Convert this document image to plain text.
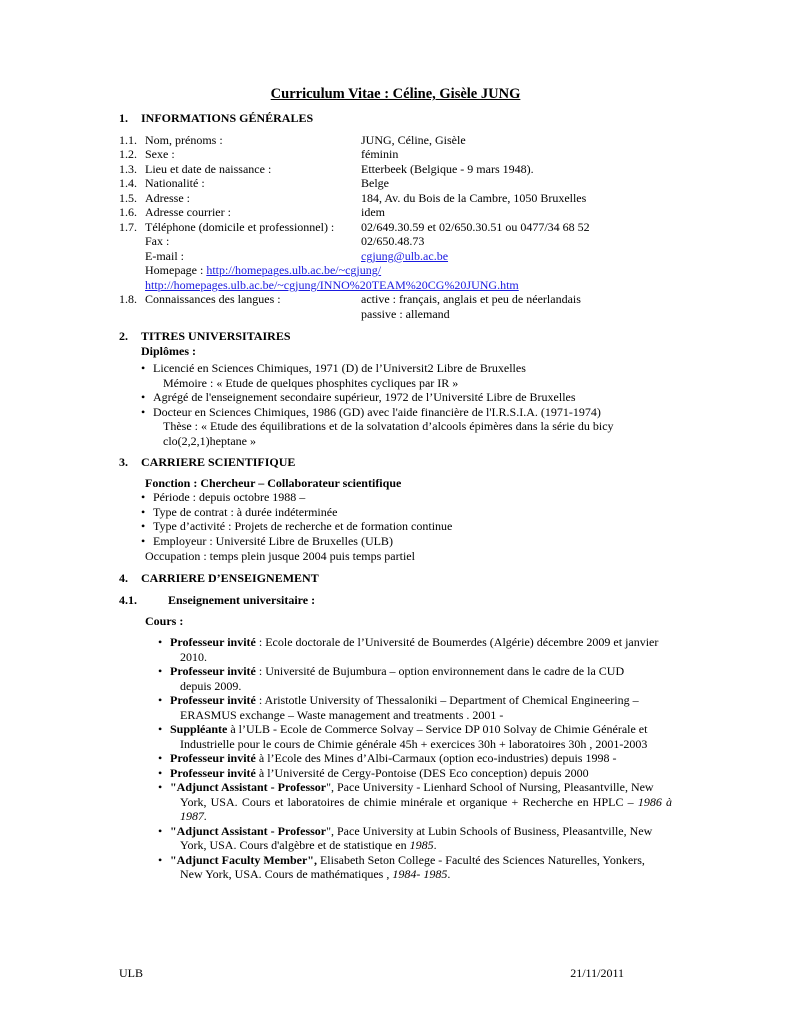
Curriculum Vitae : Céline, Gisèle JUNG
1. INFORMATIONS GÉNÉRALES
1.1. Nom, prénoms :	JUNG, Céline, Gisèle
1.2. Sexe :	féminin
1.3. Lieu et date de naissance :	Etterbeek (Belgique - 9 mars 1948).
1.4. Nationalité :	Belge
1.5. Adresse :	184, Av. du Bois de la Cambre, 1050 Bruxelles
1.6. Adresse courrier :	idem
1.7. Téléphone (domicile et professionnel) : 02/649.30.59 et 02/650.30.51 ou 0477/34 68 52
Fax :	02/650.48.73
E-mail :	cgjung@ulb.ac.be
Homepage : http://homepages.ulb.ac.be/~cgjung/
http://homepages.ulb.ac.be/~cgjung/INNO%20TEAM%20CG%20JUNG.htm
1.8. Connaissances des langues :	active : français, anglais et peu de néerlandais
passive : allemand
2. TITRES UNIVERSITAIRES
Diplômes :
• Licencié en Sciences Chimiques, 1971 (D) de l’Universit2 Libre de Bruxelles
Mémoire : « Etude de quelques phosphites cycliques par IR »
• Agrégé de l'enseignement secondaire supérieur, 1972 de l’Université Libre de Bruxelles
• Docteur en Sciences Chimiques, 1986 (GD) avec l'aide financière de l'I.R.S.I.A. (1971-1974)
Thèse : « Etude des équilibrations et de la solvatation d’alcools épimères dans la série du bicy
clo(2,2,1)heptane »
3. CARRIERE SCIENTIFIQUE
Fonction : Chercheur – Collaborateur scientifique
• Période : depuis octobre 1988 –
• Type de contrat : à durée indéterminée
• Type d’activité : Projets de recherche et de formation continue
• Employeur : Université Libre de Bruxelles (ULB)
Occupation : temps plein jusque 2004 puis temps partiel
4. CARRIERE D’ENSEIGNEMENT
4.1.	Enseignement universitaire :
Cours :
• Professeur invité : Ecole doctorale de l’Université de Boumerdes (Algérie) décembre 2009 et janvier
2010.
• Professeur invité : Université de Bujumbura – option environnement dans le cadre de la CUD
depuis 2009.
• Professeur invité : Aristotle University of Thessaloniki – Department of Chemical Engineering –
ERASMUS exchange – Waste management and treatments . 2001 -
• Suppléante à l’ULB - Ecole de Commerce Solvay – Service DP 010 Solvay de Chimie Générale et
Industrielle pour le cours de Chimie générale 45h + exercices 30h + laboratoires 30h , 2001-2003
• Professeur invité à l’Ecole des Mines d’Albi-Carmaux (option eco-industries) depuis 1998 -
• Professeur invité à l’Université de Cergy-Pontoise (DES Eco conception) depuis 2000
• "Adjunct Assistant - Professor", Pace University - Lienhard School of Nursing, Pleasantville, New
York, USA. Cours et laboratoires de chimie minérale et organique + Recherche en HPLC – 1986 à 1987.
• "Adjunct Assistant - Professor", Pace University at Lubin Schools of Business, Pleasantville, New
York, USA. Cours d'algèbre et de statistique en 1985.
• "Adjunct Faculty Member", Elisabeth Seton College - Faculté des Sciences Naturelles, Yonkers,
New York, USA. Cours de mathématiques , 1984- 1985.
ULB	21/11/2011
